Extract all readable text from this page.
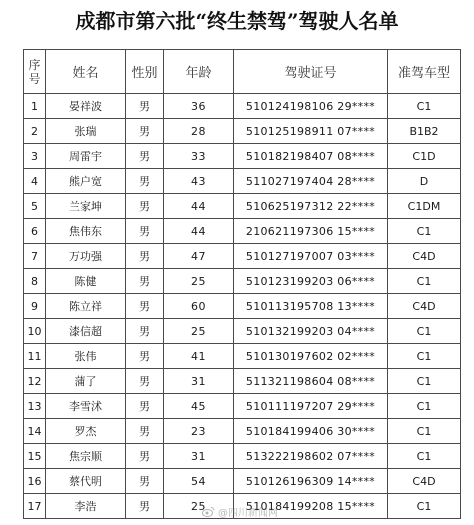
成都市第六批“终生禁驾”驾驶人名单
序号	姓名	性别	年龄	驾驶证号	准驾车型
1	晏祥波	男	36	510124198106 29****	C1
2	张瑞	男	28	510125198911 07****	B1B2
3	周雷宇	男	33	510182198407 08****	C1D
4	熊户宽	男	43	511027197404 28****	D
5	兰家坤	男	44	510625197312 22****	C1DM
6	焦伟东	男	44	210621197306 15****	C1
7	万功强	男	47	510127197007 03****	C4D
8	陈健	男	25	510123199203 06****	C1
9	陈立祥	男	60	510113195708 13****	C4D
10	漆信超	男	25	510132199203 04****	C1
11	张伟	男	41	510130197602 02****	C1
12	蒲了	男	31	511321198604 08****	C1
13	李雪沭	男	45	510111197207 29****	C1
14	罗杰	男	23	510184199406 30****	C1
15	焦宗顺	男	31	513222198602 07****	C1
16	蔡代明	男	54	510126196309 14****	C4D
17	李浩	男	25	510184199208 15****	C1
@四川新闻网
